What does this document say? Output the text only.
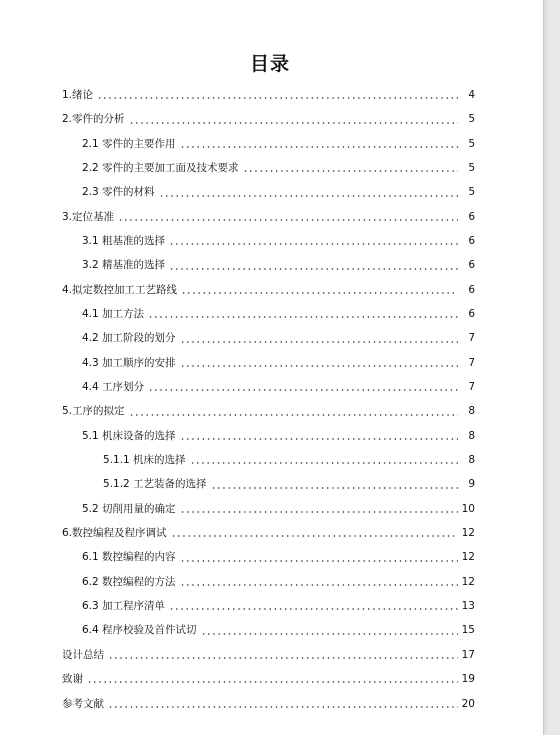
目录
1.绪论	4
2.零件的分析	5
2.1 零件的主要作用	5
2.2 零件的主要加工面及技术要求	5
2.3 零件的材料	5
3.定位基准	6
3.1 粗基准的选择	6
3.2 精基准的选择	6
4.拟定数控加工工艺路线	6
4.1 加工方法	6
4.2 加工阶段的划分	7
4.3 加工顺序的安排	7
4.4 工序划分	7
5.工序的拟定	8
5.1 机床设备的选择	8
5.1.1 机床的选择	8
5.1.2 工艺装备的选择	9
5.2 切削用量的确定	10
6.数控编程及程序调试	12
6.1 数控编程的内容	12
6.2 数控编程的方法	12
6.3 加工程序清单	13
6.4 程序校验及首件试切	15
设计总结	17
致谢	19
参考文献	20
